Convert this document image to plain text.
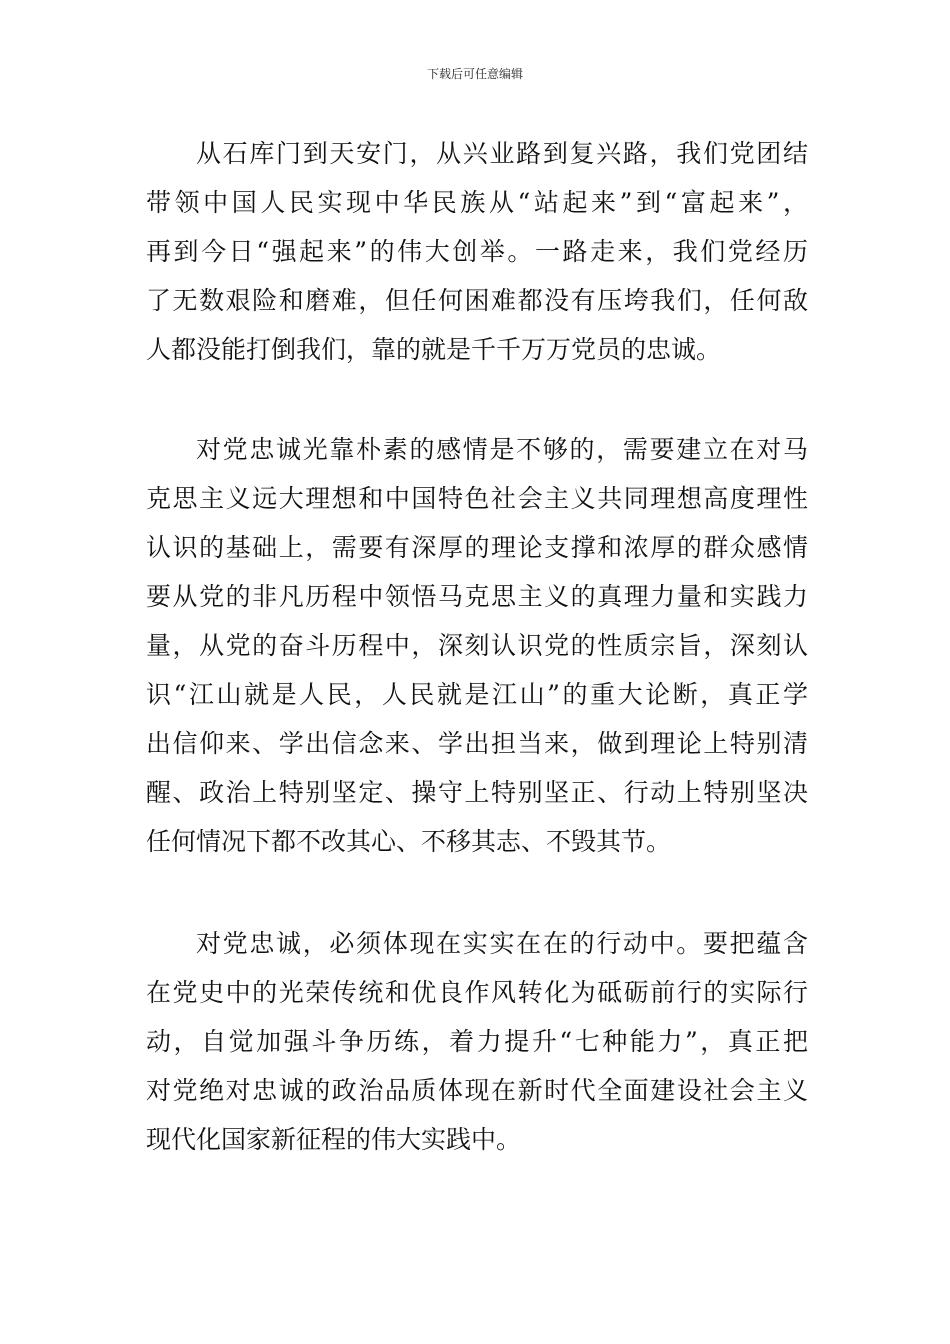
下载后可任意编辑
从石库门到天安门，从兴业路到复兴路，我们党团结
带领中国人民实现中华民族从“站起来”到“富起来”，
再到今日“强起来”的伟大创举。一路走来，我们党经历
了无数艰险和磨难，但任何困难都没有压垮我们，任何敌
人都没能打倒我们，靠的就是千千万万党员的忠诚。
对党忠诚光靠朴素的感情是不够的，需要建立在对马
克思主义远大理想和中国特色社会主义共同理想高度理性
认识的基础上，需要有深厚的理论支撑和浓厚的群众感情
要从党的非凡历程中领悟马克思主义的真理力量和实践力
量，从党的奋斗历程中，深刻认识党的性质宗旨，深刻认
识“江山就是人民，人民就是江山”的重大论断，真正学
出信仰来、学出信念来、学出担当来，做到理论上特别清
醒、政治上特别坚定、操守上特别坚正、行动上特别坚决
任何情况下都不改其心、不移其志、不毁其节。
对党忠诚，必须体现在实实在在的行动中。要把蕴含
在党史中的光荣传统和优良作风转化为砥砺前行的实际行
动，自觉加强斗争历练，着力提升“七种能力”，真正把
对党绝对忠诚的政治品质体现在新时代全面建设社会主义
现代化国家新征程的伟大实践中。
